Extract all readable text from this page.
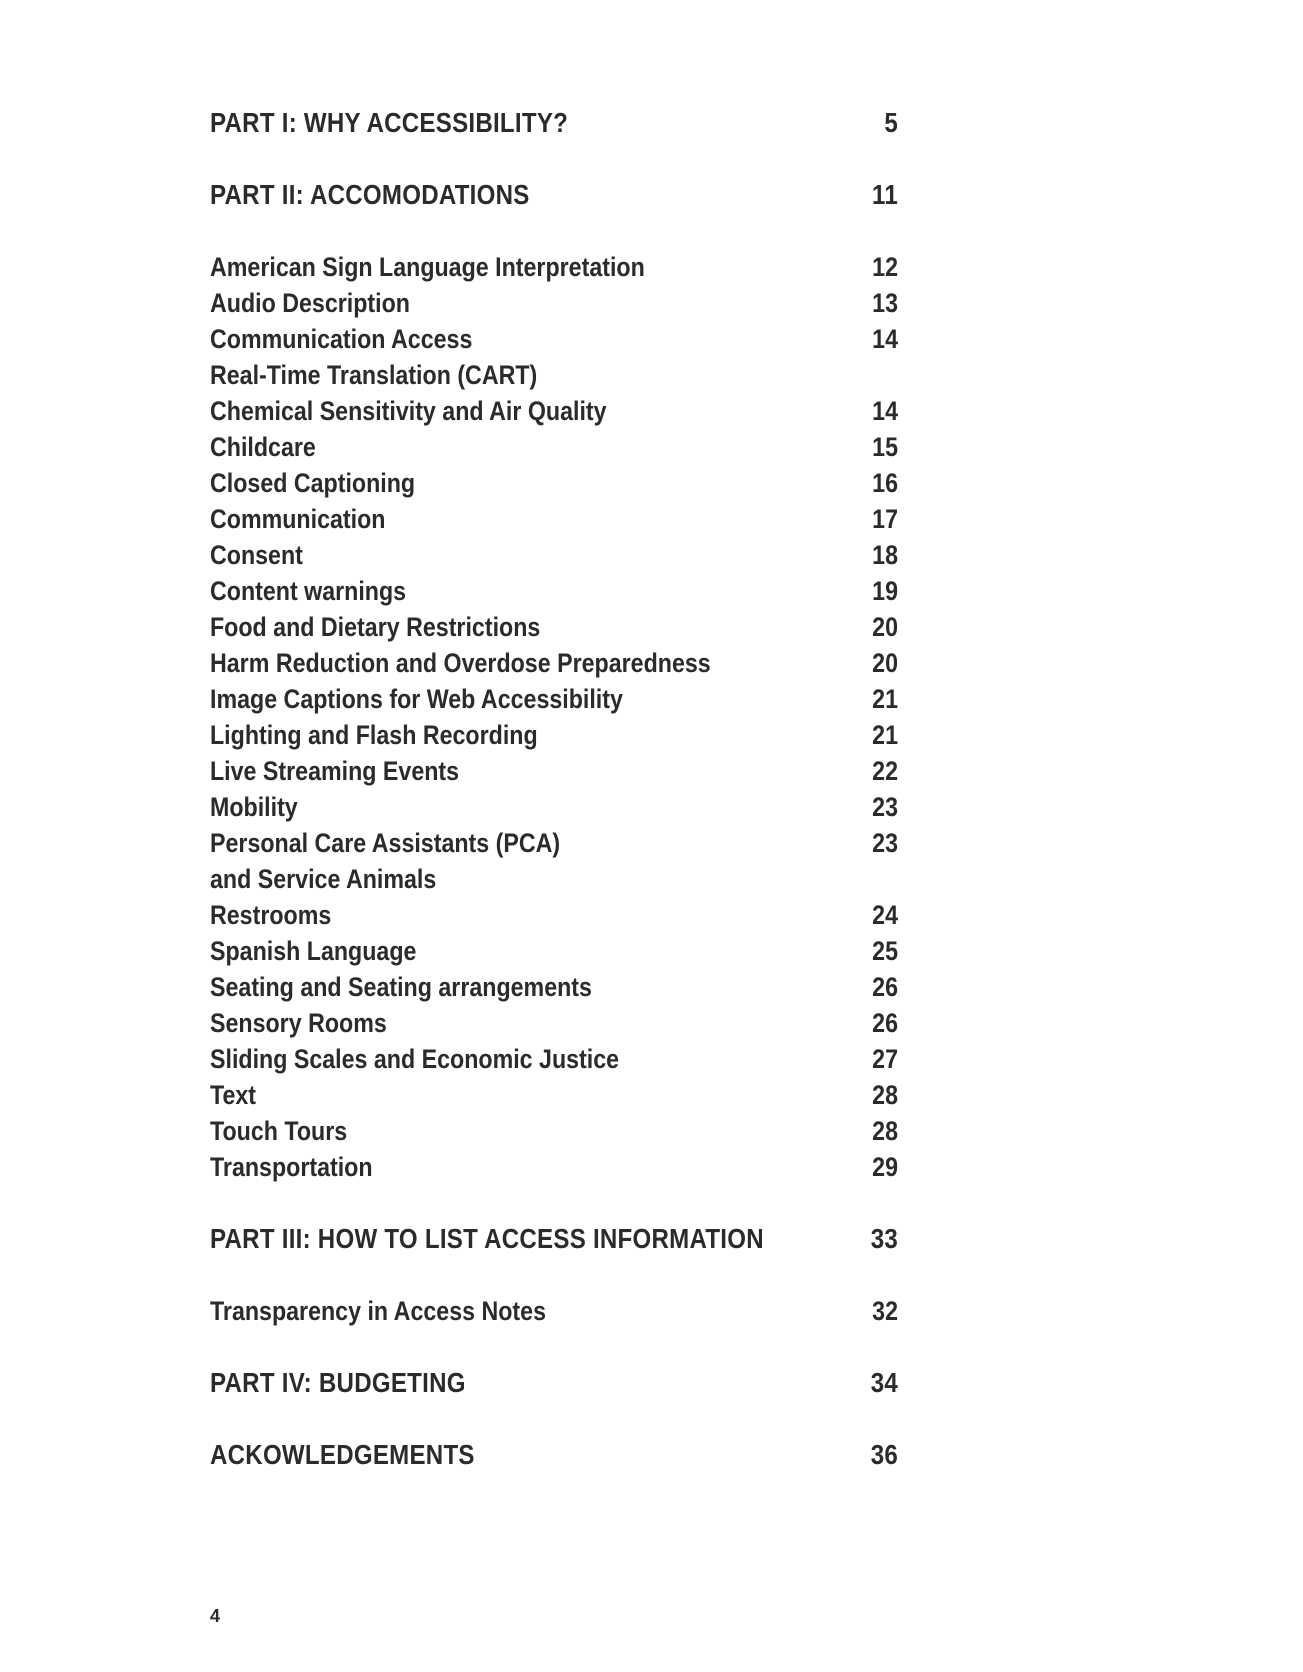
PART I: WHY ACCESSIBILITY?	5
PART II: ACCOMODATIONS	11
American Sign Language Interpretation	12
Audio Description	13
Communication Access	14
Real-Time Translation (CART)
Chemical Sensitivity and Air Quality	14
Childcare	15
Closed Captioning	16
Communication	17
Consent	18
Content warnings	19
Food and Dietary Restrictions	20
Harm Reduction and Overdose Preparedness	20
Image Captions for Web Accessibility	21
Lighting and Flash Recording	21
Live Streaming Events	22
Mobility	23
Personal Care Assistants (PCA)	23
and Service Animals
Restrooms	24
Spanish Language	25
Seating and Seating arrangements	26
Sensory Rooms	26
Sliding Scales and Economic Justice	27
Text	28
Touch Tours	28
Transportation	29
PART III: HOW TO LIST ACCESS INFORMATION	33
Transparency in Access Notes	32
PART IV: BUDGETING	34
ACKOWLEDGEMENTS	36
4
